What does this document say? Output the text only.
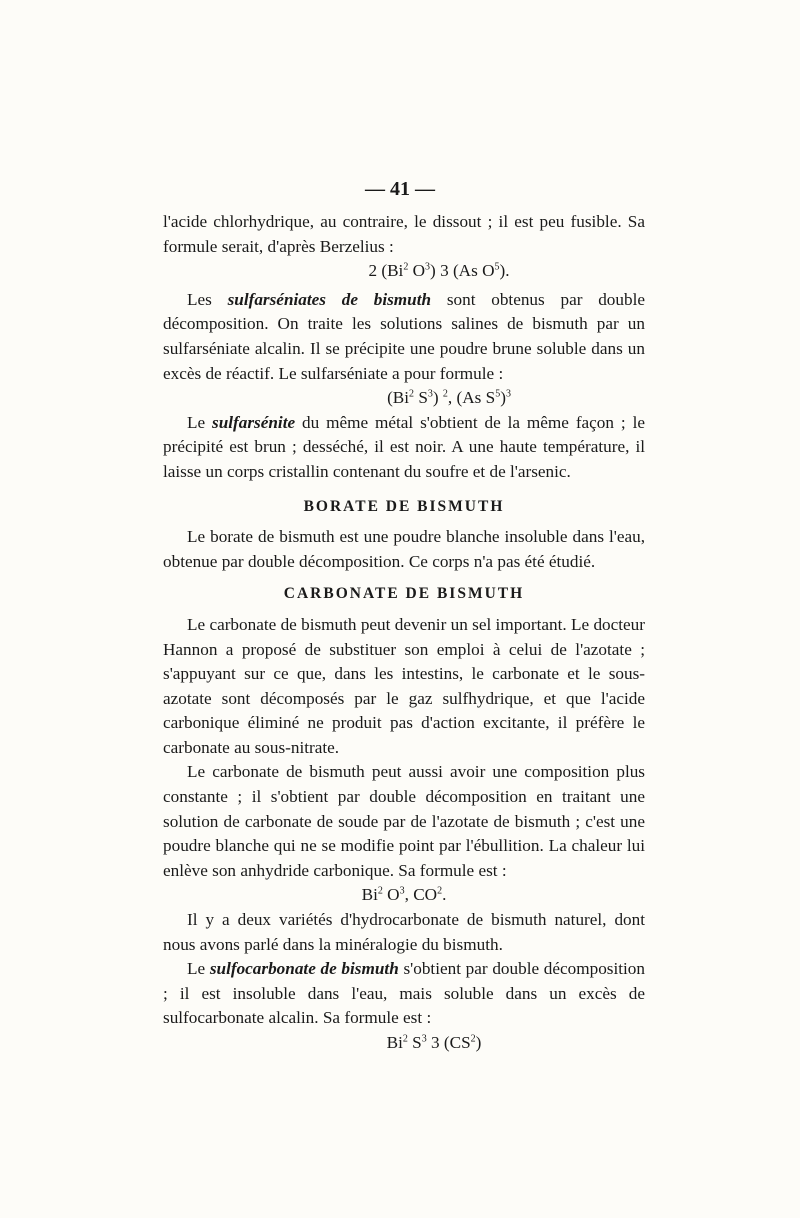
— 41 —

l'acide chlorhydrique, au contraire, le dissout ; il est peu fusible. Sa formule serait, d'après Berzelius :

2 (Bi$^2$ $O^3$) 3 (As $O^5$).

Les sulfarséniates de bismuth sont obtenus par double décomposition. On traite les solutions salines de bismuth par un sulfarséniate alcalin. Il se précipite une poudre brune soluble dans un excès de réactif. Le sulfarséniate a pour formule :

(Bi$^2$ $S^3$) $^2$, (As $S^5)^3$

Le sulfarsénite du même métal s'obtient de la même façon ; le précipité est brun ; desséché, il est noir. A une haute température, il laisse un corps cristallin contenant du soufre et de l'arsenic.

BORATE DE BISMUTH

Le borate de bismuth est une poudre blanche insoluble dans l'eau, obtenue par double décomposition. Ce corps n'a pas été étudié.

CARBONATE DE BISMUTH

Le carbonate de bismuth peut devenir un sel important. Le docteur Hannon a proposé de substituer son emploi à celui de l'azotate ; s'appuyant sur ce que, dans les intestins, le carbonate et le sous-azotate sont décomposés par le gaz sulfhydrique, et que l'acide carbonique éliminé ne produit pas d'action excitante, il préfère le carbonate au sous-nitrate.

Le carbonate de bismuth peut aussi avoir une composition plus constante ; il s'obtient par double décomposition en traitant une solution de carbonate de soude par de l'azotate de bismuth ; c'est une poudre blanche qui ne se modifie point par l'ébullition. La chaleur lui enlève son anhydride carbonique. Sa formule est :

Bi$^2$ $O^3$, $CO^2$.

Il y a deux variétés d'hydrocarbonate de bismuth naturel, dont nous avons parlé dans la minéralogie du bismuth.

Le sulfocarbonate de bismuth s'obtient par double décomposition ; il est insoluble dans l'eau, mais soluble dans un excès de sulfocarbonate alcalin. Sa formule est :

Bi$^2$ $S^3$ 3 $(CS^2)$
